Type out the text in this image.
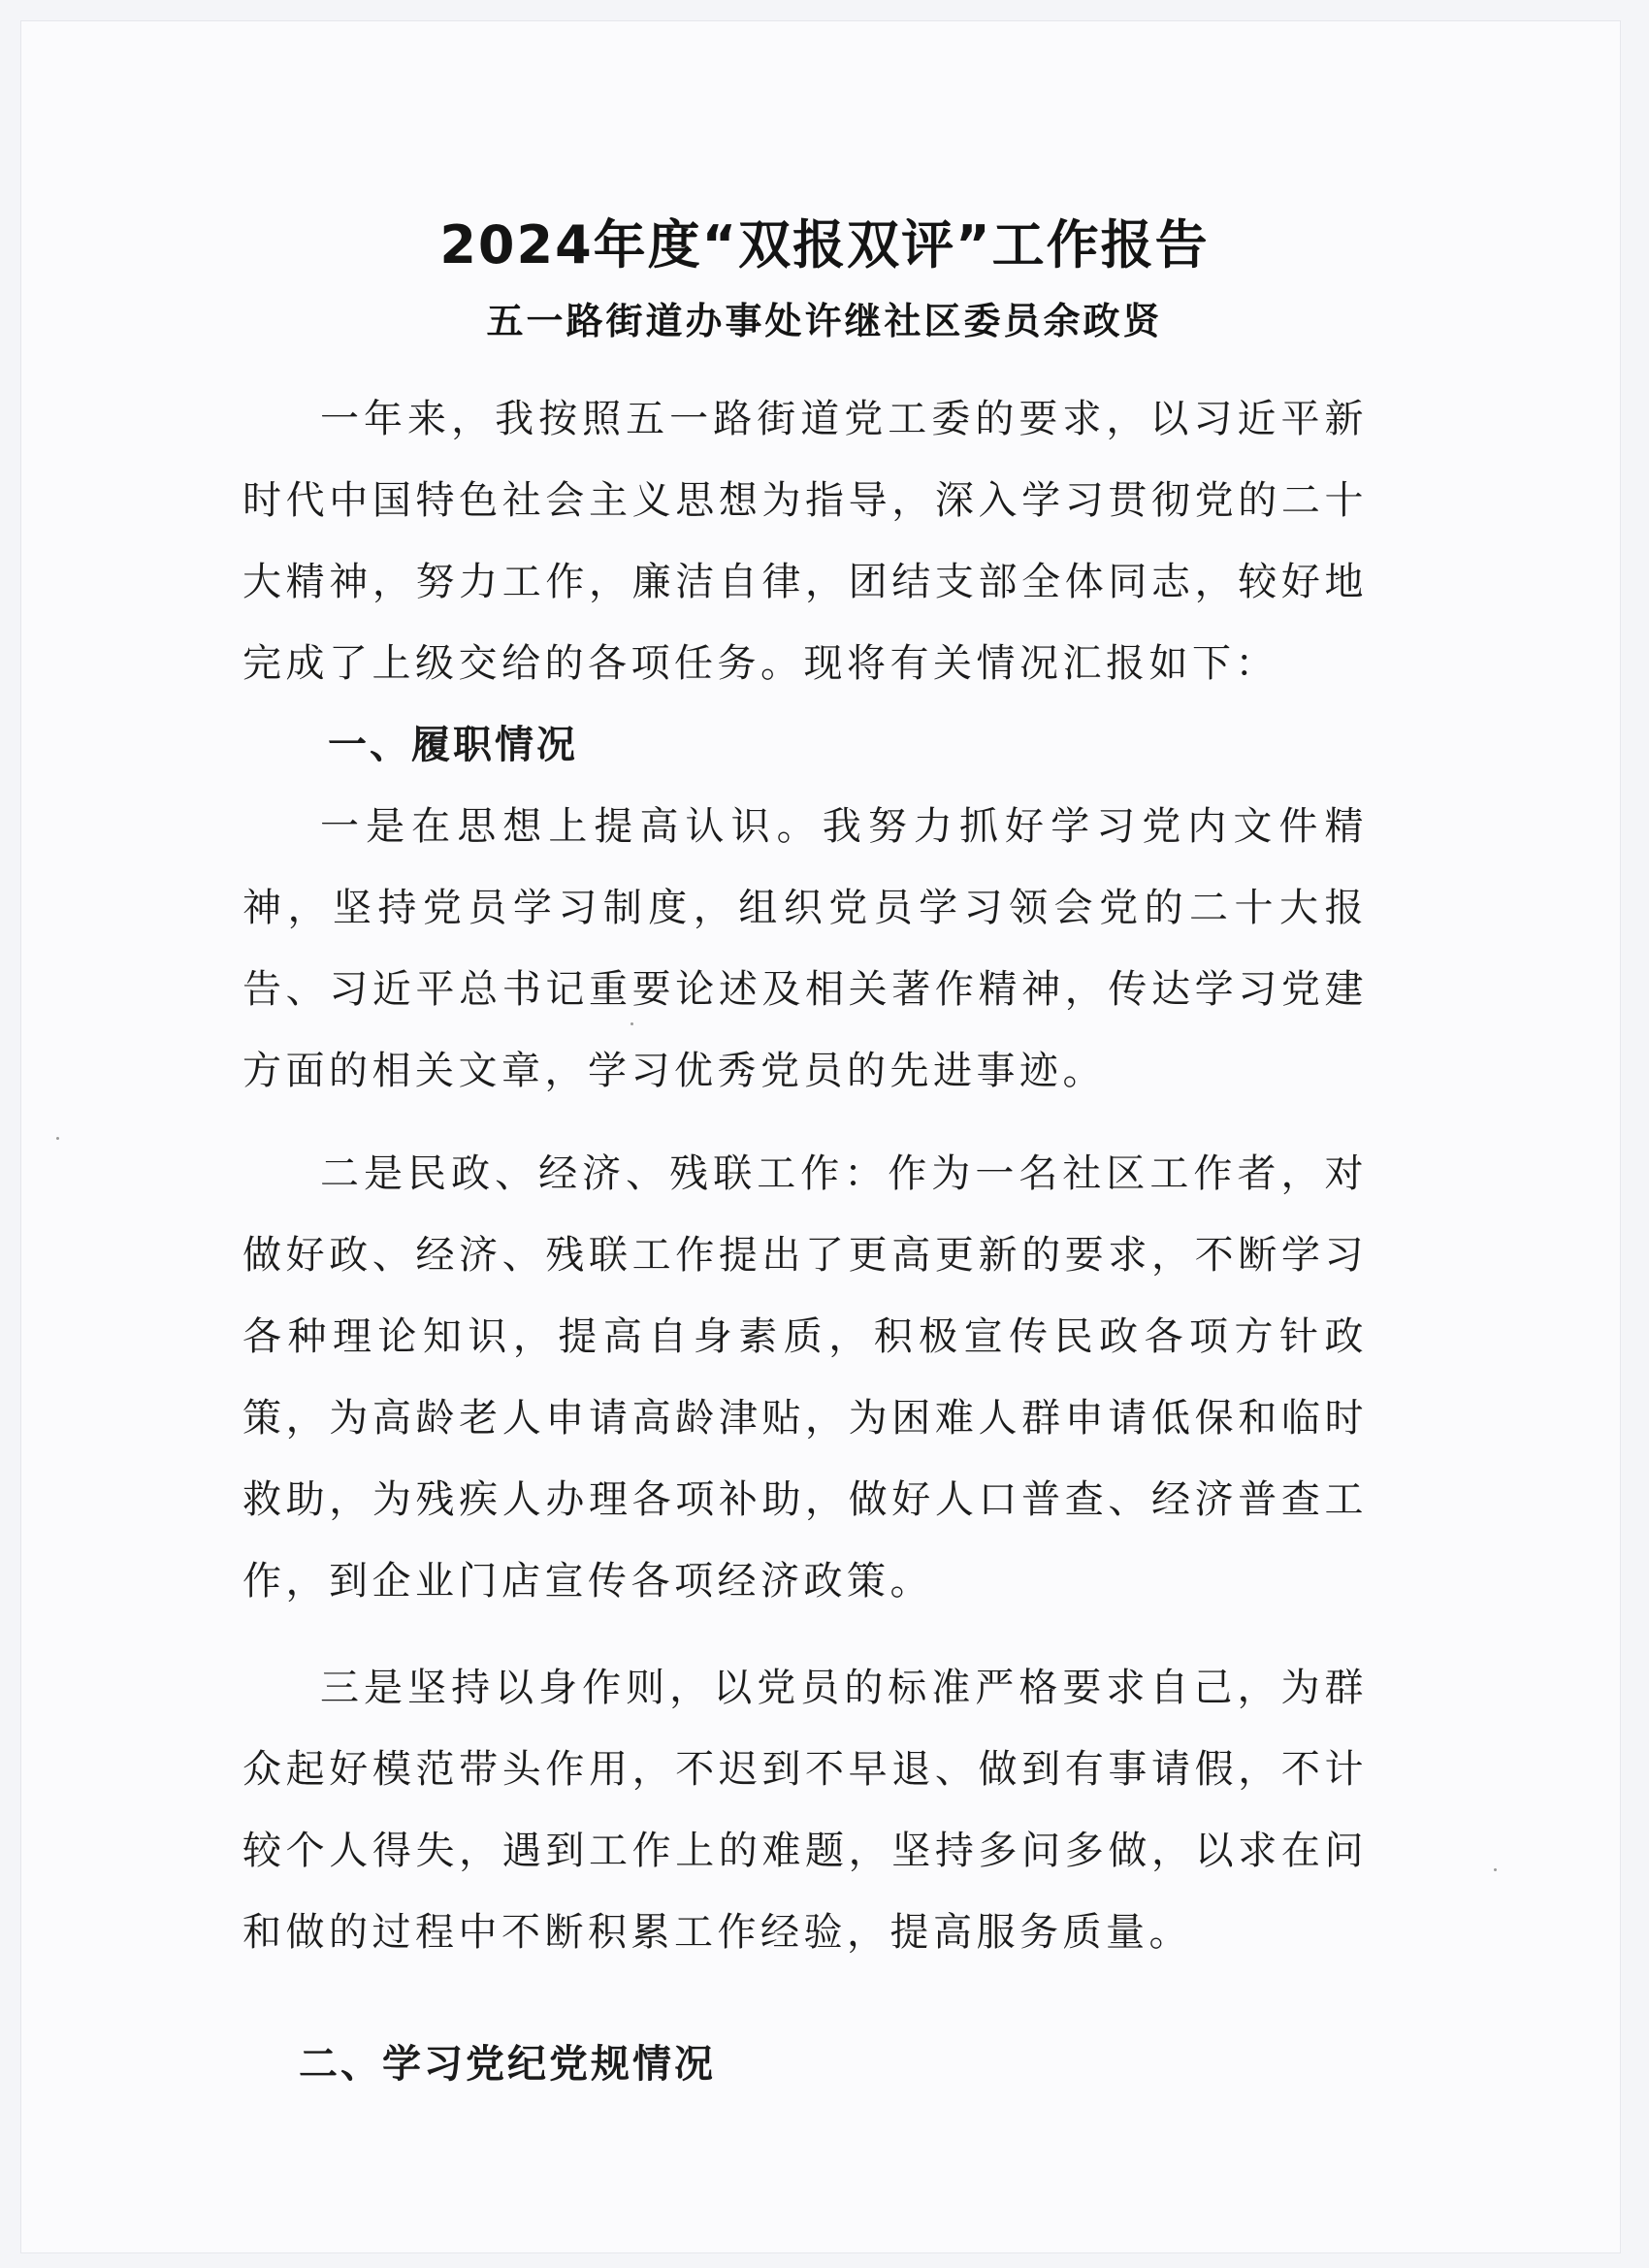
2024年度“双报双评”工作报告
五一路街道办事处许继社区委员余政贤

一年来，我按照五一路街道党工委的要求，以习近平新时代中国特色社会主义思想为指导，深入学习贯彻党的二十大精神，努力工作，廉洁自律，团结支部全体同志，较好地完成了上级交给的各项任务。现将有关情况汇报如下：

一、履职情况

一是在思想上提高认识。我努力抓好学习党内文件精神，坚持党员学习制度，组织党员学习领会党的二十大报告、习近平总书记重要论述及相关著作精神，传达学习党建方面的相关文章，学习优秀党员的先进事迹。

二是民政、经济、残联工作：作为一名社区工作者，对做好政、经济、残联工作提出了更高更新的要求，不断学习各种理论知识，提高自身素质，积极宣传民政各项方针政策，为高龄老人申请高龄津贴，为困难人群申请低保和临时救助，为残疾人办理各项补助，做好人口普查、经济普查工作，到企业门店宣传各项经济政策。

三是坚持以身作则，以党员的标准严格要求自己，为群众起好模范带头作用，不迟到不早退、做到有事请假，不计较个人得失，遇到工作上的难题，坚持多问多做，以求在问和做的过程中不断积累工作经验，提高服务质量。

二、学习党纪党规情况
